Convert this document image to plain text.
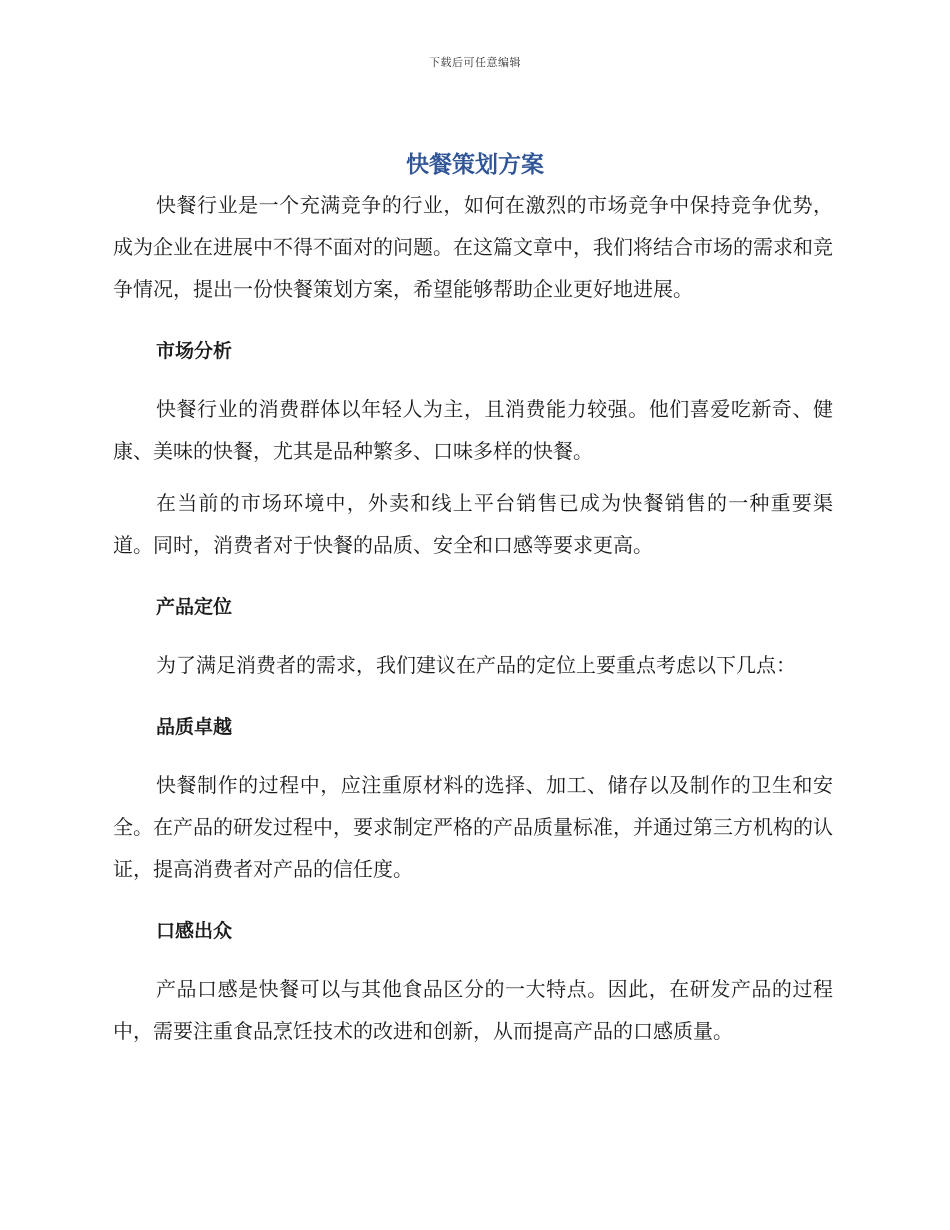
下载后可任意编辑
快餐策划方案

快餐行业是一个充满竞争的行业，如何在激烈的市场竞争中保持竞争优势，成为企业在进展中不得不面对的问题。在这篇文章中，我们将结合市场的需求和竞争情况，提出一份快餐策划方案，希望能够帮助企业更好地进展。

市场分析

快餐行业的消费群体以年轻人为主，且消费能力较强。他们喜爱吃新奇、健康、美味的快餐，尤其是品种繁多、口味多样的快餐。

在当前的市场环境中，外卖和线上平台销售已成为快餐销售的一种重要渠道。同时，消费者对于快餐的品质、安全和口感等要求更高。

产品定位

为了满足消费者的需求，我们建议在产品的定位上要重点考虑以下几点：

品质卓越

快餐制作的过程中，应注重原材料的选择、加工、储存以及制作的卫生和安全。在产品的研发过程中，要求制定严格的产品质量标准，并通过第三方机构的认证，提高消费者对产品的信任度。

口感出众

产品口感是快餐可以与其他食品区分的一大特点。因此，在研发产品的过程中，需要注重食品烹饪技术的改进和创新，从而提高产品的口感质量。
